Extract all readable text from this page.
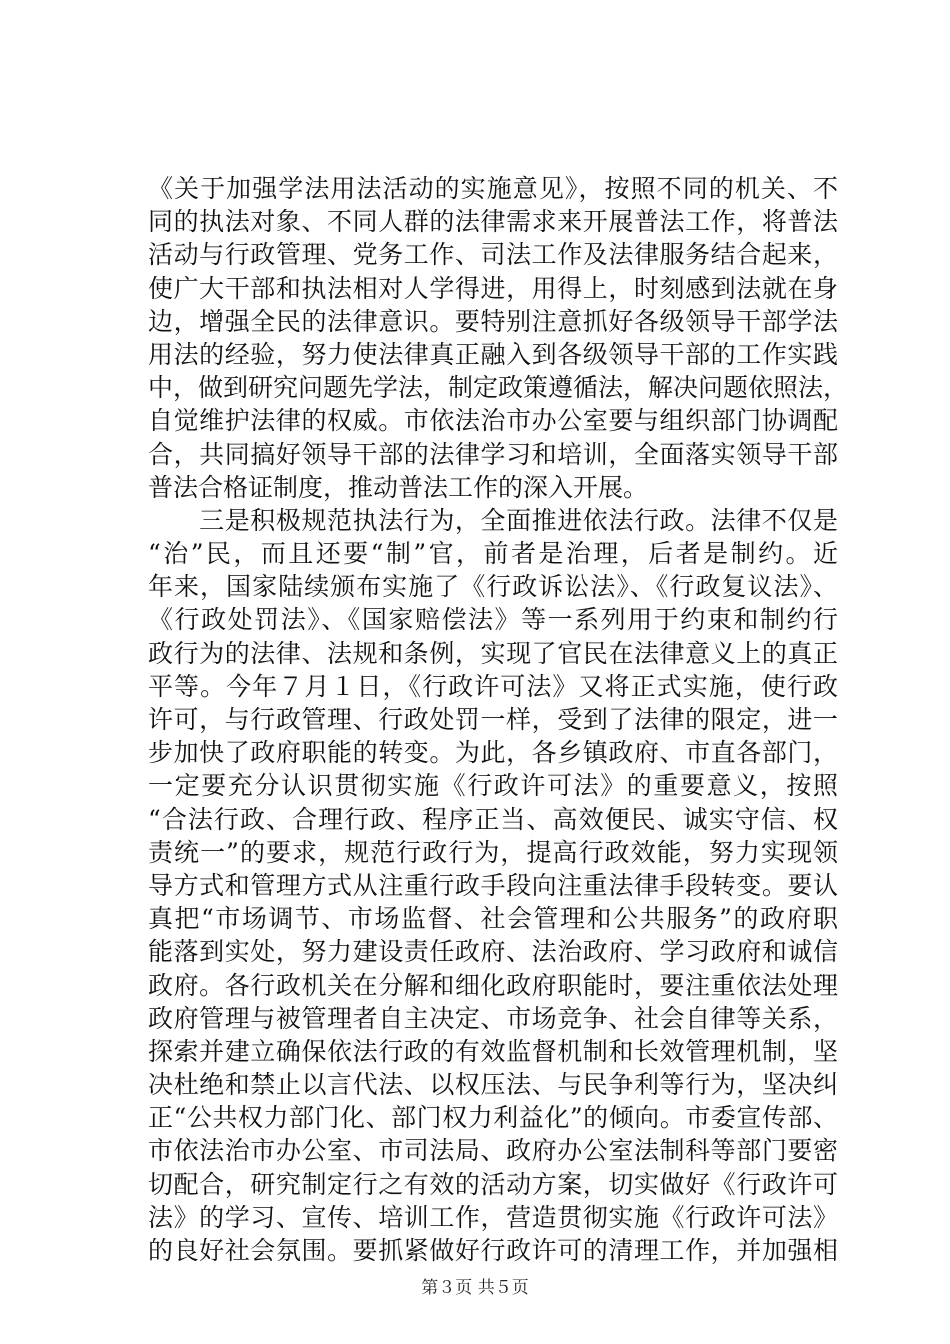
《关于加强学法用法活动的实施意见》，按照不同的机关、不
同的执法对象、不同人群的法律需求来开展普法工作，将普法
活动与行政管理、党务工作、司法工作及法律服务结合起来，
使广大干部和执法相对人学得进，用得上，时刻感到法就在身
边，增强全民的法律意识。要特别注意抓好各级领导干部学法
用法的经验，努力使法律真正融入到各级领导干部的工作实践
中，做到研究问题先学法，制定政策遵循法，解决问题依照法，
自觉维护法律的权威。市依法治市办公室要与组织部门协调配
合，共同搞好领导干部的法律学习和培训，全面落实领导干部
普法合格证制度，推动普法工作的深入开展。
　　三是积极规范执法行为，全面推进依法行政。法律不仅是
“治”民，而且还要“制”官，前者是治理，后者是制约。近
年来，国家陆续颁布实施了《行政诉讼法》、《行政复议法》、
《行政处罚法》、《国家赔偿法》等一系列用于约束和制约行
政行为的法律、法规和条例，实现了官民在法律意义上的真正
平等。今年７月１日，《行政许可法》又将正式实施，使行政
许可，与行政管理、行政处罚一样，受到了法律的限定，进一
步加快了政府职能的转变。为此，各乡镇政府、市直各部门，
一定要充分认识贯彻实施《行政许可法》的重要意义，按照
“合法行政、合理行政、程序正当、高效便民、诚实守信、权
责统一”的要求，规范行政行为，提高行政效能，努力实现领
导方式和管理方式从注重行政手段向注重法律手段转变。要认
真把“市场调节、市场监督、社会管理和公共服务”的政府职
能落到实处，努力建设责任政府、法治政府、学习政府和诚信
政府。各行政机关在分解和细化政府职能时，要注重依法处理
政府管理与被管理者自主决定、市场竞争、社会自律等关系，
探索并建立确保依法行政的有效监督机制和长效管理机制，坚
决杜绝和禁止以言代法、以权压法、与民争利等行为，坚决纠
正“公共权力部门化、部门权力利益化”的倾向。市委宣传部、
市依法治市办公室、市司法局、政府办公室法制科等部门要密
切配合，研究制定行之有效的活动方案，切实做好《行政许可
法》的学习、宣传、培训工作，营造贯彻实施《行政许可法》
的良好社会氛围。要抓紧做好行政许可的清理工作，并加强相
第３页 共５页
